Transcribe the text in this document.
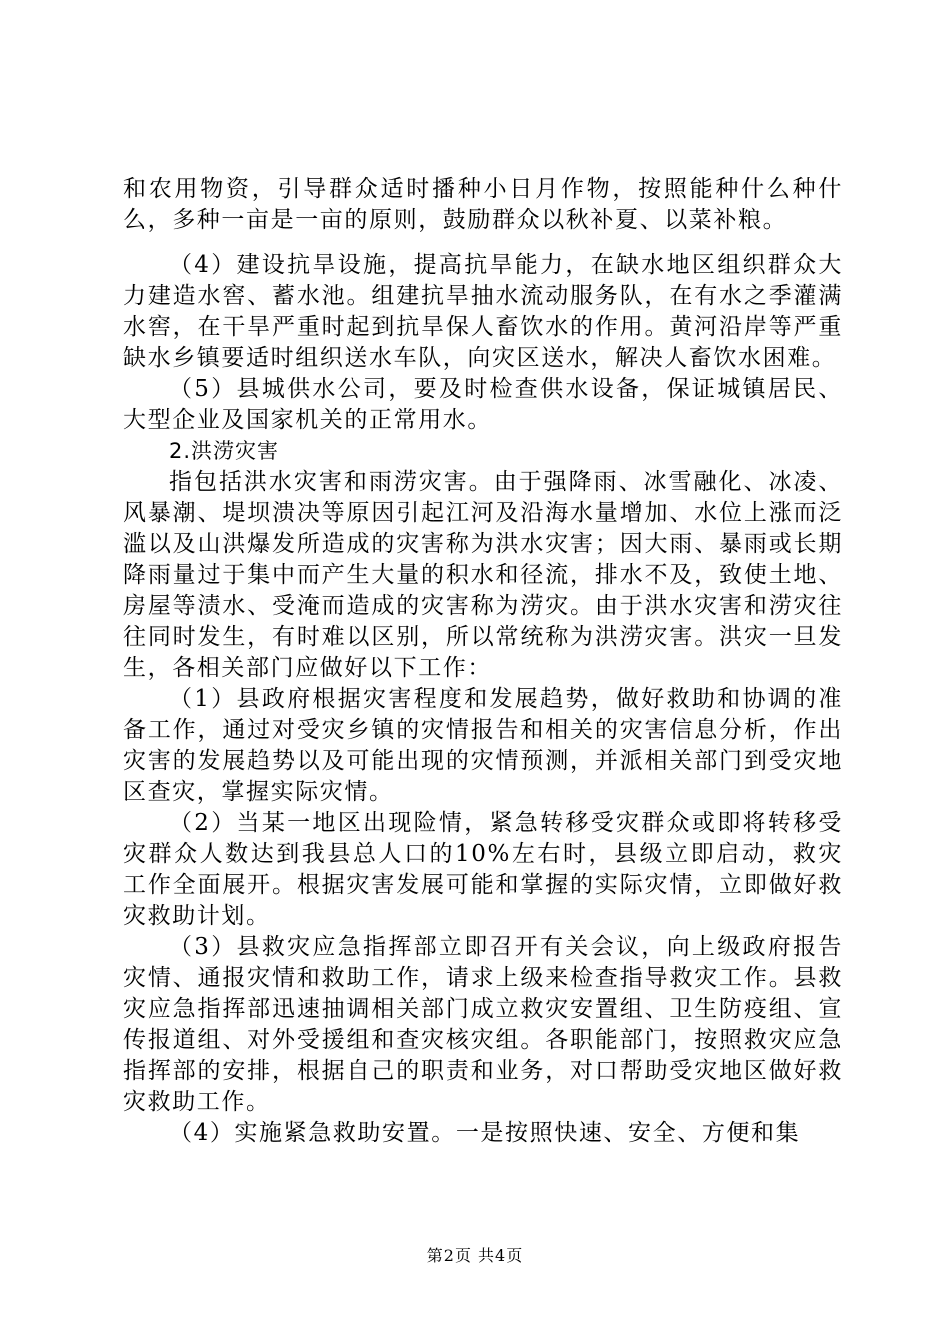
和农用物资，引导群众适时播种小日月作物，按照能种什么种什么，多种一亩是一亩的原则，鼓励群众以秋补夏、以菜补粮。

（4）建设抗旱设施，提高抗旱能力，在缺水地区组织群众大力建造水窖、蓄水池。组建抗旱抽水流动服务队，在有水之季灌满水窖，在干旱严重时起到抗旱保人畜饮水的作用。黄河沿岸等严重缺水乡镇要适时组织送水车队，向灾区送水，解决人畜饮水困难。

（5）县城供水公司，要及时检查供水设备，保证城镇居民、大型企业及国家机关的正常用水。

2.洪涝灾害

指包括洪水灾害和雨涝灾害。由于强降雨、冰雪融化、冰凌、风暴潮、堤坝溃决等原因引起江河及沿海水量增加、水位上涨而泛滥以及山洪爆发所造成的灾害称为洪水灾害；因大雨、暴雨或长期降雨量过于集中而产生大量的积水和径流，排水不及，致使土地、房屋等渍水、受淹而造成的灾害称为涝灾。由于洪水灾害和涝灾往往同时发生，有时难以区别，所以常统称为洪涝灾害。洪灾一旦发生，各相关部门应做好以下工作：

（1）县政府根据灾害程度和发展趋势，做好救助和协调的准备工作，通过对受灾乡镇的灾情报告和相关的灾害信息分析，作出灾害的发展趋势以及可能出现的灾情预测，并派相关部门到受灾地区查灾，掌握实际灾情。

（2）当某一地区出现险情，紧急转移受灾群众或即将转移受灾群众人数达到我县总人口的10%左右时，县级立即启动，救灾工作全面展开。根据灾害发展可能和掌握的实际灾情，立即做好救灾救助计划。

（3）县救灾应急指挥部立即召开有关会议，向上级政府报告灾情、通报灾情和救助工作，请求上级来检查指导救灾工作。县救灾应急指挥部迅速抽调相关部门成立救灾安置组、卫生防疫组、宣传报道组、对外受援组和查灾核灾组。各职能部门，按照救灾应急指挥部的安排，根据自己的职责和业务，对口帮助受灾地区做好救灾救助工作。

（4）实施紧急救助安置。一是按照快速、安全、方便和集

第2页 共4页
